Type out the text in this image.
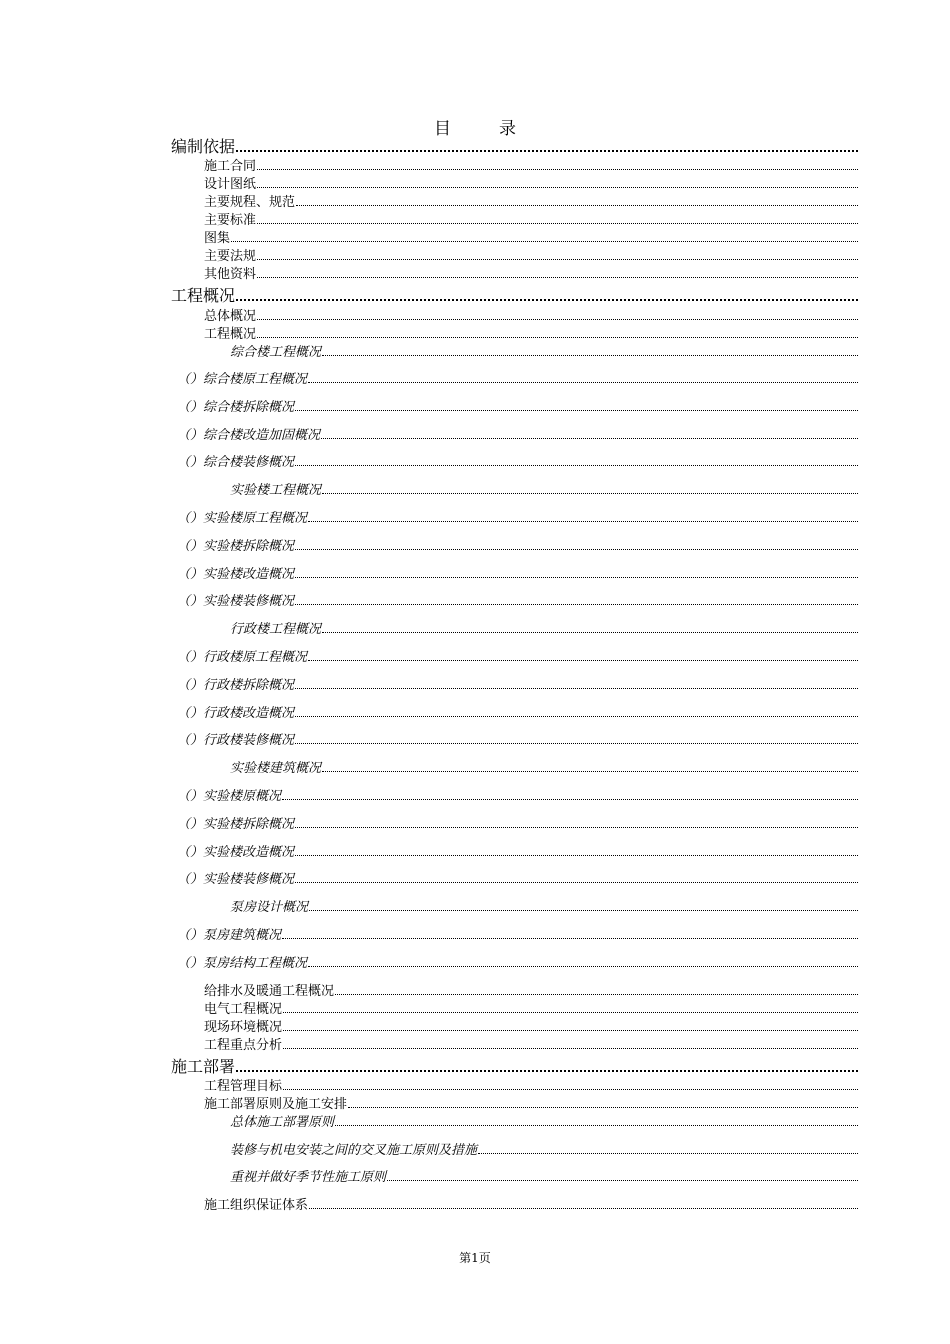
目	录
编制依据
施工合同
设计图纸
主要规程、规范
主要标准
图集
主要法规
其他资料
工程概况
总体概况
工程概况
综合楼工程概况
（）综合楼原工程概况
（）综合楼拆除概况
（）综合楼改造加固概况
（）综合楼装修概况
实验楼工程概况
（）实验楼原工程概况
（）实验楼拆除概况
（）实验楼改造概况
（）实验楼装修概况
行政楼工程概况
（）行政楼原工程概况
（）行政楼拆除概况
（）行政楼改造概况
（）行政楼装修概况
实验楼建筑概况
（）实验楼原概况
（）实验楼拆除概况
（）实验楼改造概况
（）实验楼装修概况
泵房设计概况
（）泵房建筑概况
（）泵房结构工程概况
给排水及暖通工程概况
电气工程概况
现场环境概况
工程重点分析
施工部署
工程管理目标
施工部署原则及施工安排
总体施工部署原则
装修与机电安装之间的交叉施工原则及措施
重视并做好季节性施工原则
施工组织保证体系
第1页
